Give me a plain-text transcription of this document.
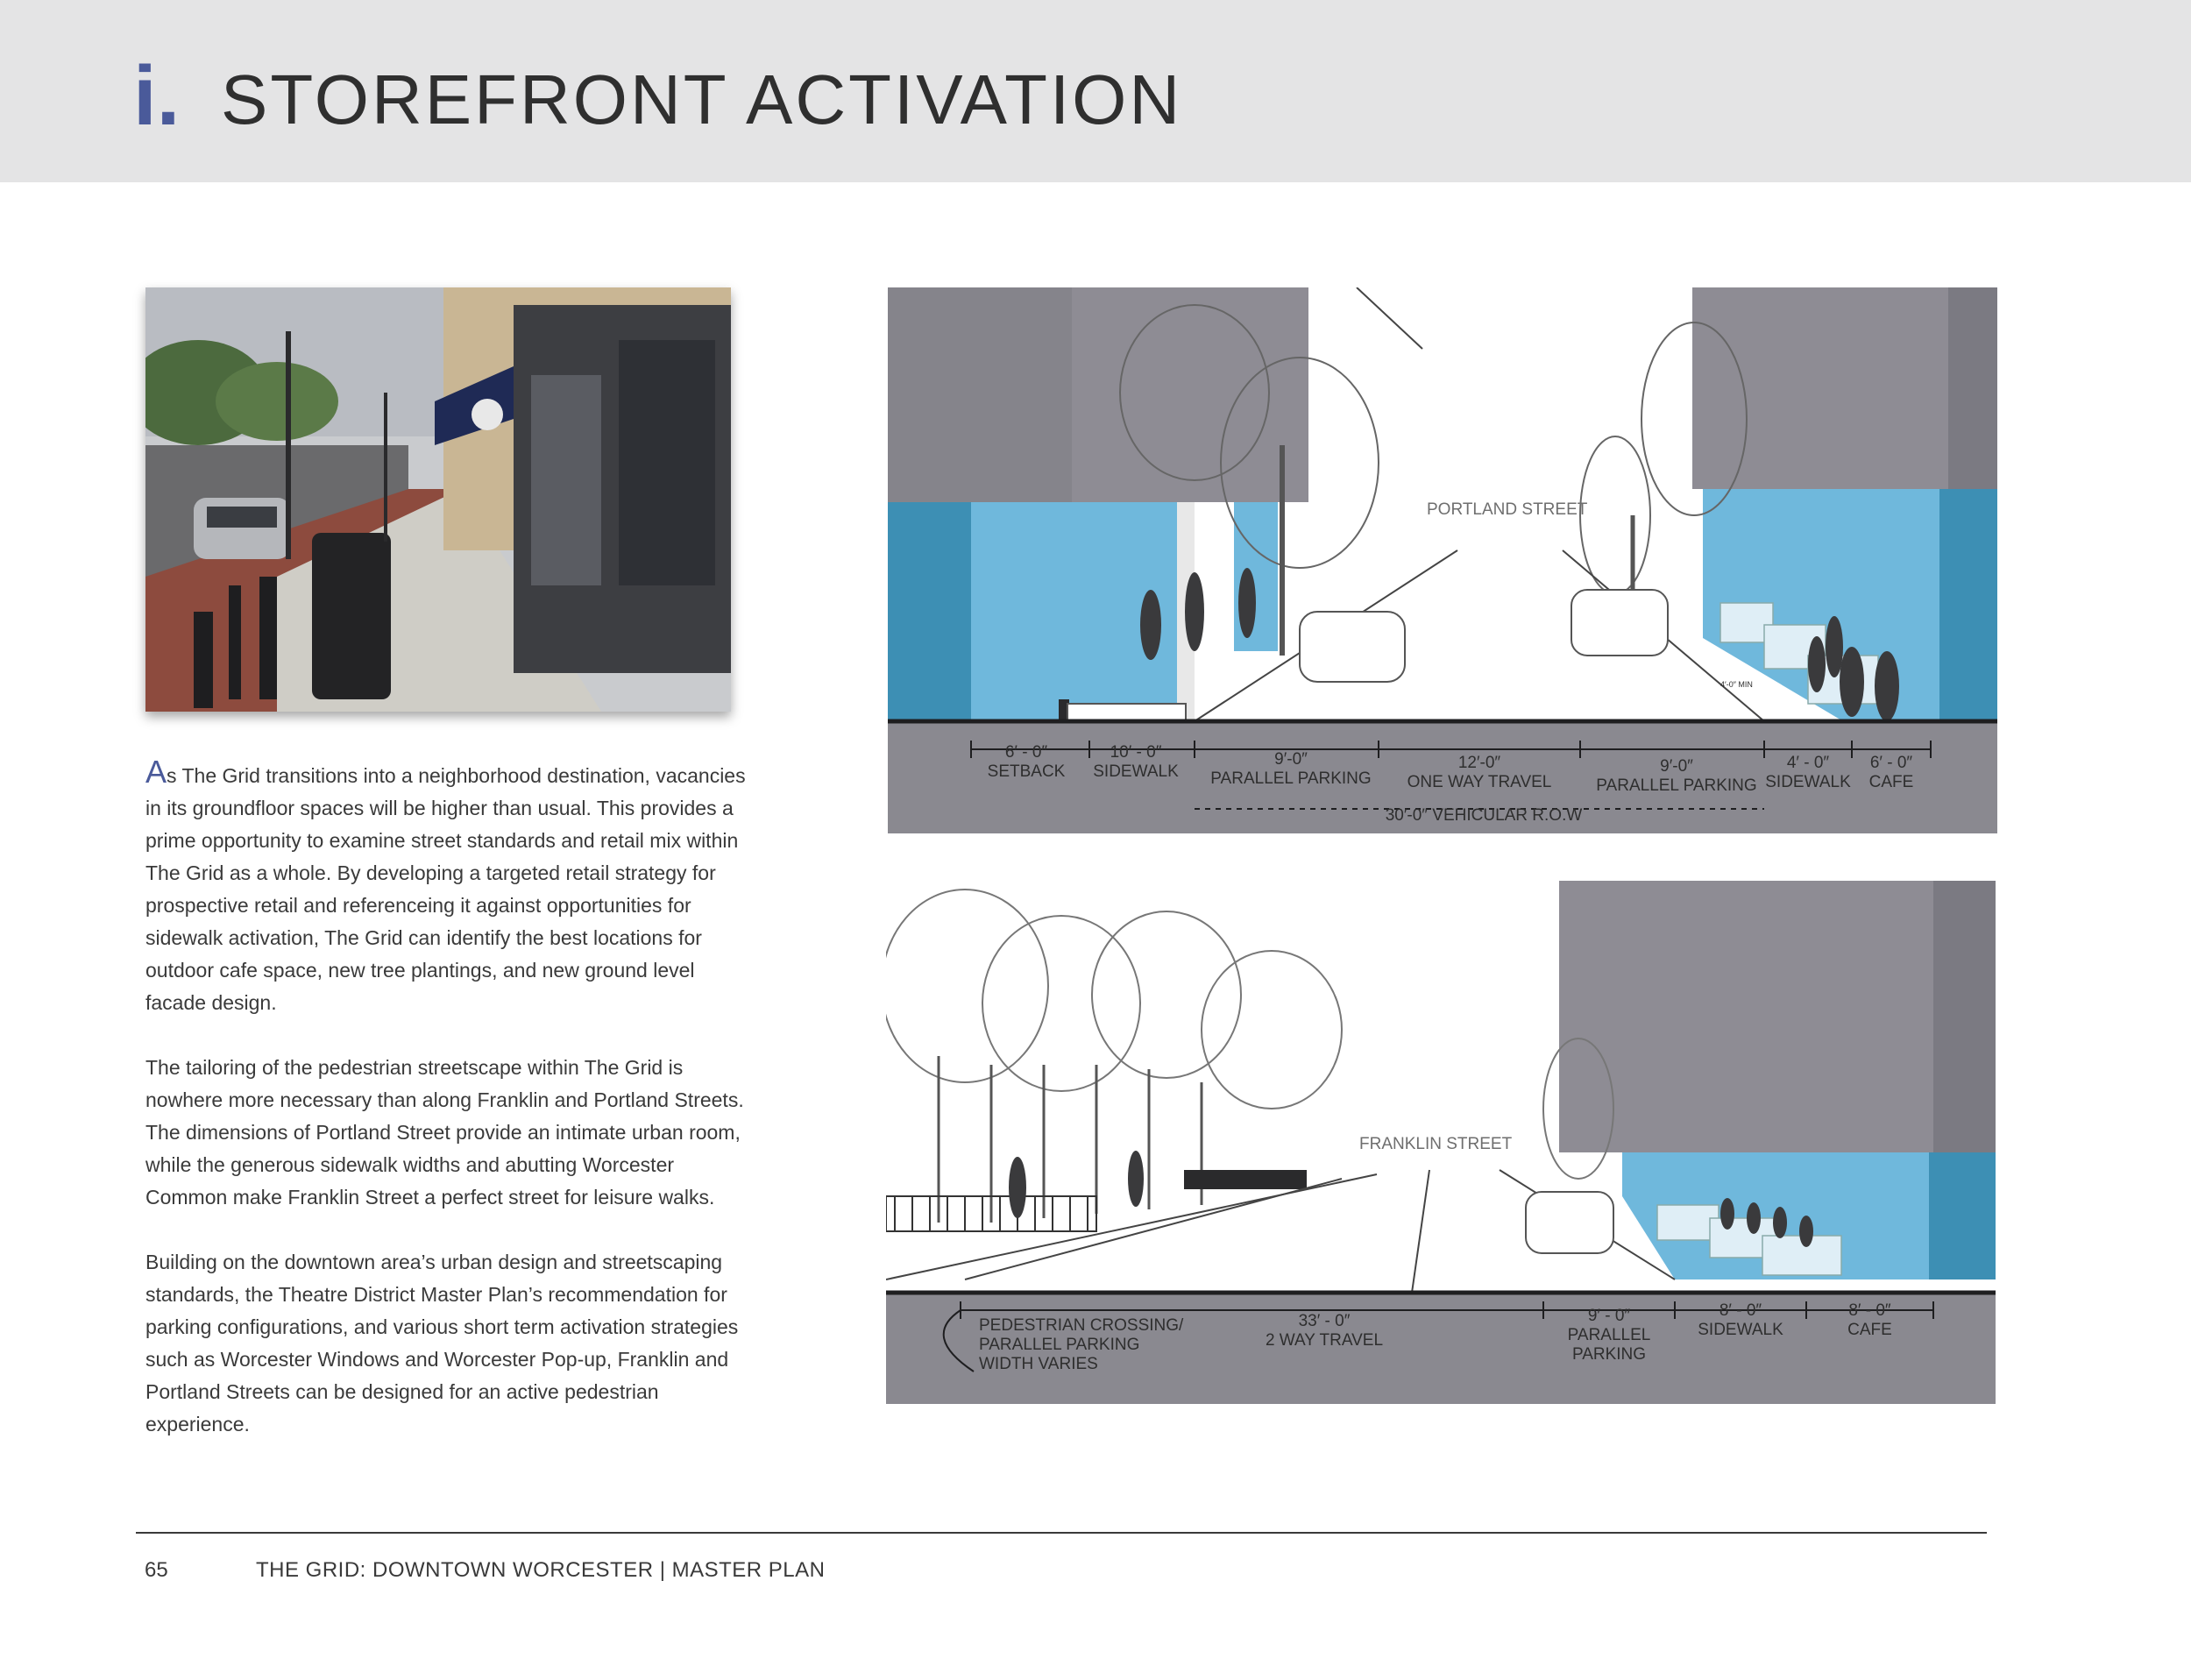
i. STOREFRONT ACTIVATION

As The Grid transitions into a neighborhood destination, vacancies in its groundfloor spaces will be higher than usual. This provides a prime opportunity to examine street standards and retail mix within The Grid as a whole. By developing a targeted retail strategy for prospective retail and referenceing it against opportunities for sidewalk activation, The Grid can identify the best locations for outdoor cafe space, new tree plantings, and new ground level facade design.

The tailoring of the pedestrian streetscape within The Grid is nowhere more necessary than along Franklin and Portland Streets. The dimensions of Portland Street provide an intimate urban room, while the generous sidewalk widths and abutting Worcester Common make Franklin Street a perfect street for leisure walks.

Building on the downtown area’s urban design and streetscaping standards, the Theatre District Master Plan’s recommendation for parking configurations, and various short term activation strategies such as Worcester Windows and Worcester Pop-up, Franklin and Portland Streets can be designed for an active pedestrian experience.

PORTLAND STREET
4′-0″ MIN
6′ - 0″
SETBACK
10′ - 0″
SIDEWALK
9′-0″
PARALLEL PARKING
12′-0″
ONE WAY TRAVEL
9′-0″
PARALLEL PARKING
4′ - 0″
SIDEWALK
6′ - 0″
CAFE
30′-0″ VEHICULAR R.O.W
FRANKLIN STREET
PEDESTRIAN CROSSING/
PARALLEL PARKING
WIDTH VARIES
33′ - 0″
2 WAY TRAVEL
9′ - 0″
PARALLEL
PARKING
8′ - 0″
SIDEWALK
8′ - 0″
CAFE
65	THE GRID: DOWNTOWN WORCESTER | MASTER PLAN
